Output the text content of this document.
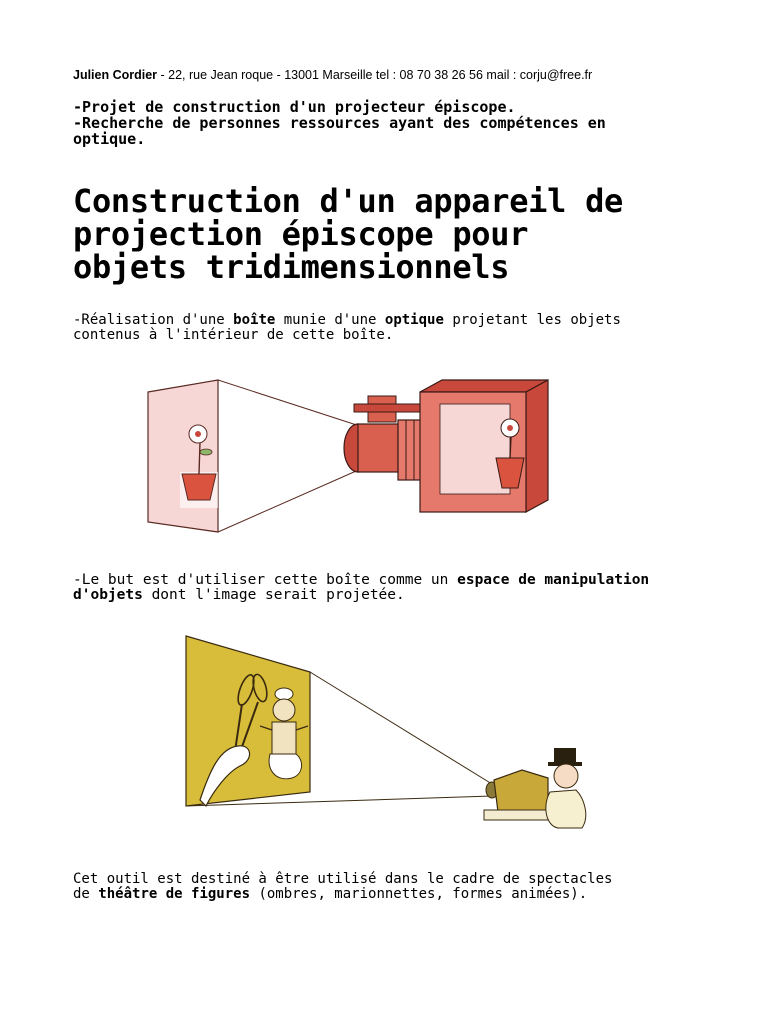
Julien Cordier - 22, rue Jean roque - 13001 Marseille tel : 08 70 38 26 56 mail : corju@free.fr
-Projet de construction d'un projecteur épiscope.
-Recherche de personnes ressources ayant des compétences en
optique.
Construction d'un appareil de
projection épiscope pour
objets tridimensionnels
-Réalisation d'une boîte munie d'une optique projetant les objets
contenus à l'intérieur de cette boîte.
-Le but est d'utiliser cette boîte comme un espace de manipulation
d'objets dont l'image serait projetée.
Cet outil est destiné à être utilisé dans le cadre de spectacles
de théâtre de figures (ombres, marionnettes, formes animées).
